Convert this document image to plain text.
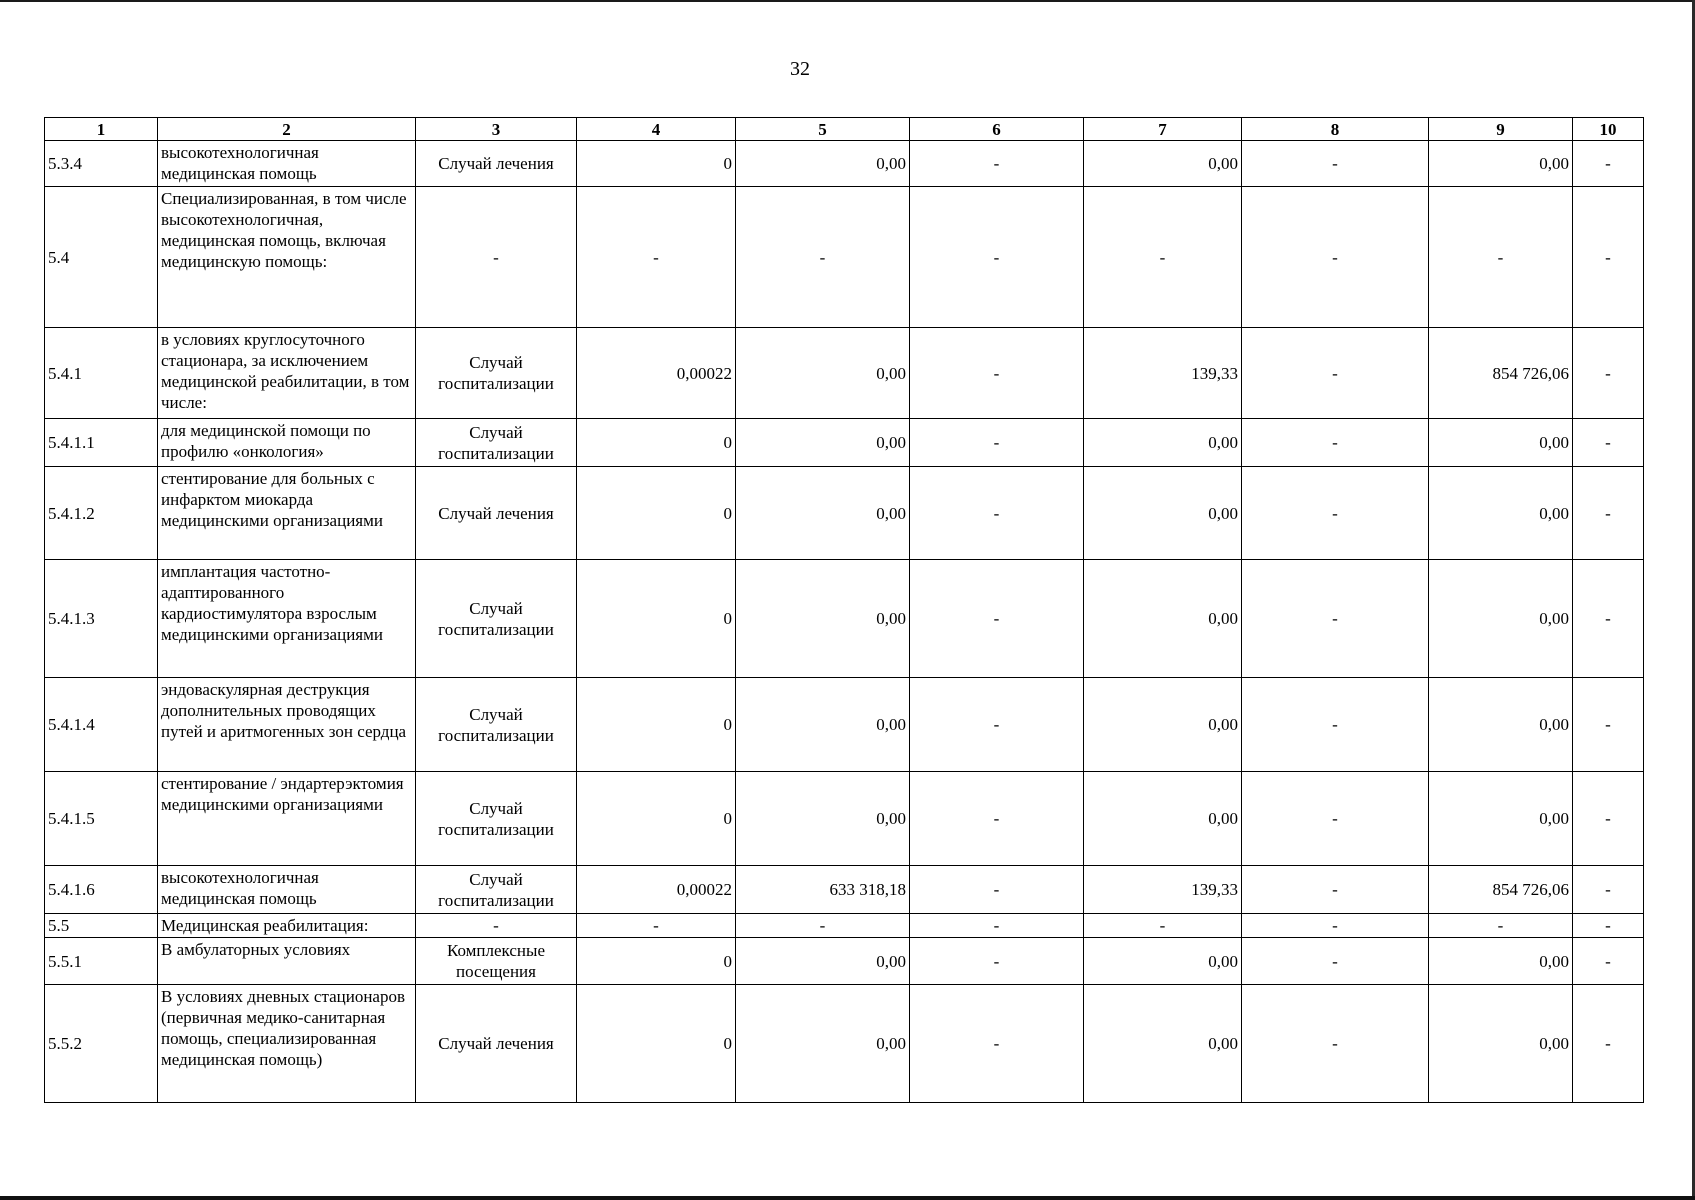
32
1	2	3	4	5	6	7	8	9	10
5.3.4	высокотехнологичная медицинская помощь	Случай лечения	0	0,00	-	0,00	-	0,00	-
5.4	Специализированная, в том числе высокотехнологичная, медицинская помощь, включая медицинскую помощь:	-	-	-	-	-	-	-	-
5.4.1	в условиях круглосуточного стационара, за исключением медицинской реабилитации, в том числе:	Случай госпитализации	0,00022	0,00	-	139,33	-	854 726,06	-
5.4.1.1	для медицинской помощи по профилю «онкология»	Случай госпитализации	0	0,00	-	0,00	-	0,00	-
5.4.1.2	стентирование для больных с инфарктом миокарда медицинскими организациями	Случай лечения	0	0,00	-	0,00	-	0,00	-
5.4.1.3	имплантация частотно-адаптированного кардиостимулятора взрослым медицинскими организациями	Случай госпитализации	0	0,00	-	0,00	-	0,00	-
5.4.1.4	эндоваскулярная деструкция дополнительных проводящих путей и аритмогенных зон сердца	Случай госпитализации	0	0,00	-	0,00	-	0,00	-
5.4.1.5	стентирование / эндартерэктомия медицинскими организациями	Случай госпитализации	0	0,00	-	0,00	-	0,00	-
5.4.1.6	высокотехнологичная медицинская помощь	Случай госпитализации	0,00022	633 318,18	-	139,33	-	854 726,06	-
5.5	Медицинская реабилитация:	-	-	-	-	-	-	-	-
5.5.1	В амбулаторных условиях	Комплексные посещения	0	0,00	-	0,00	-	0,00	-
5.5.2	В условиях дневных стационаров (первичная медико-санитарная помощь, специализированная медицинская помощь)	Случай лечения	0	0,00	-	0,00	-	0,00	-
